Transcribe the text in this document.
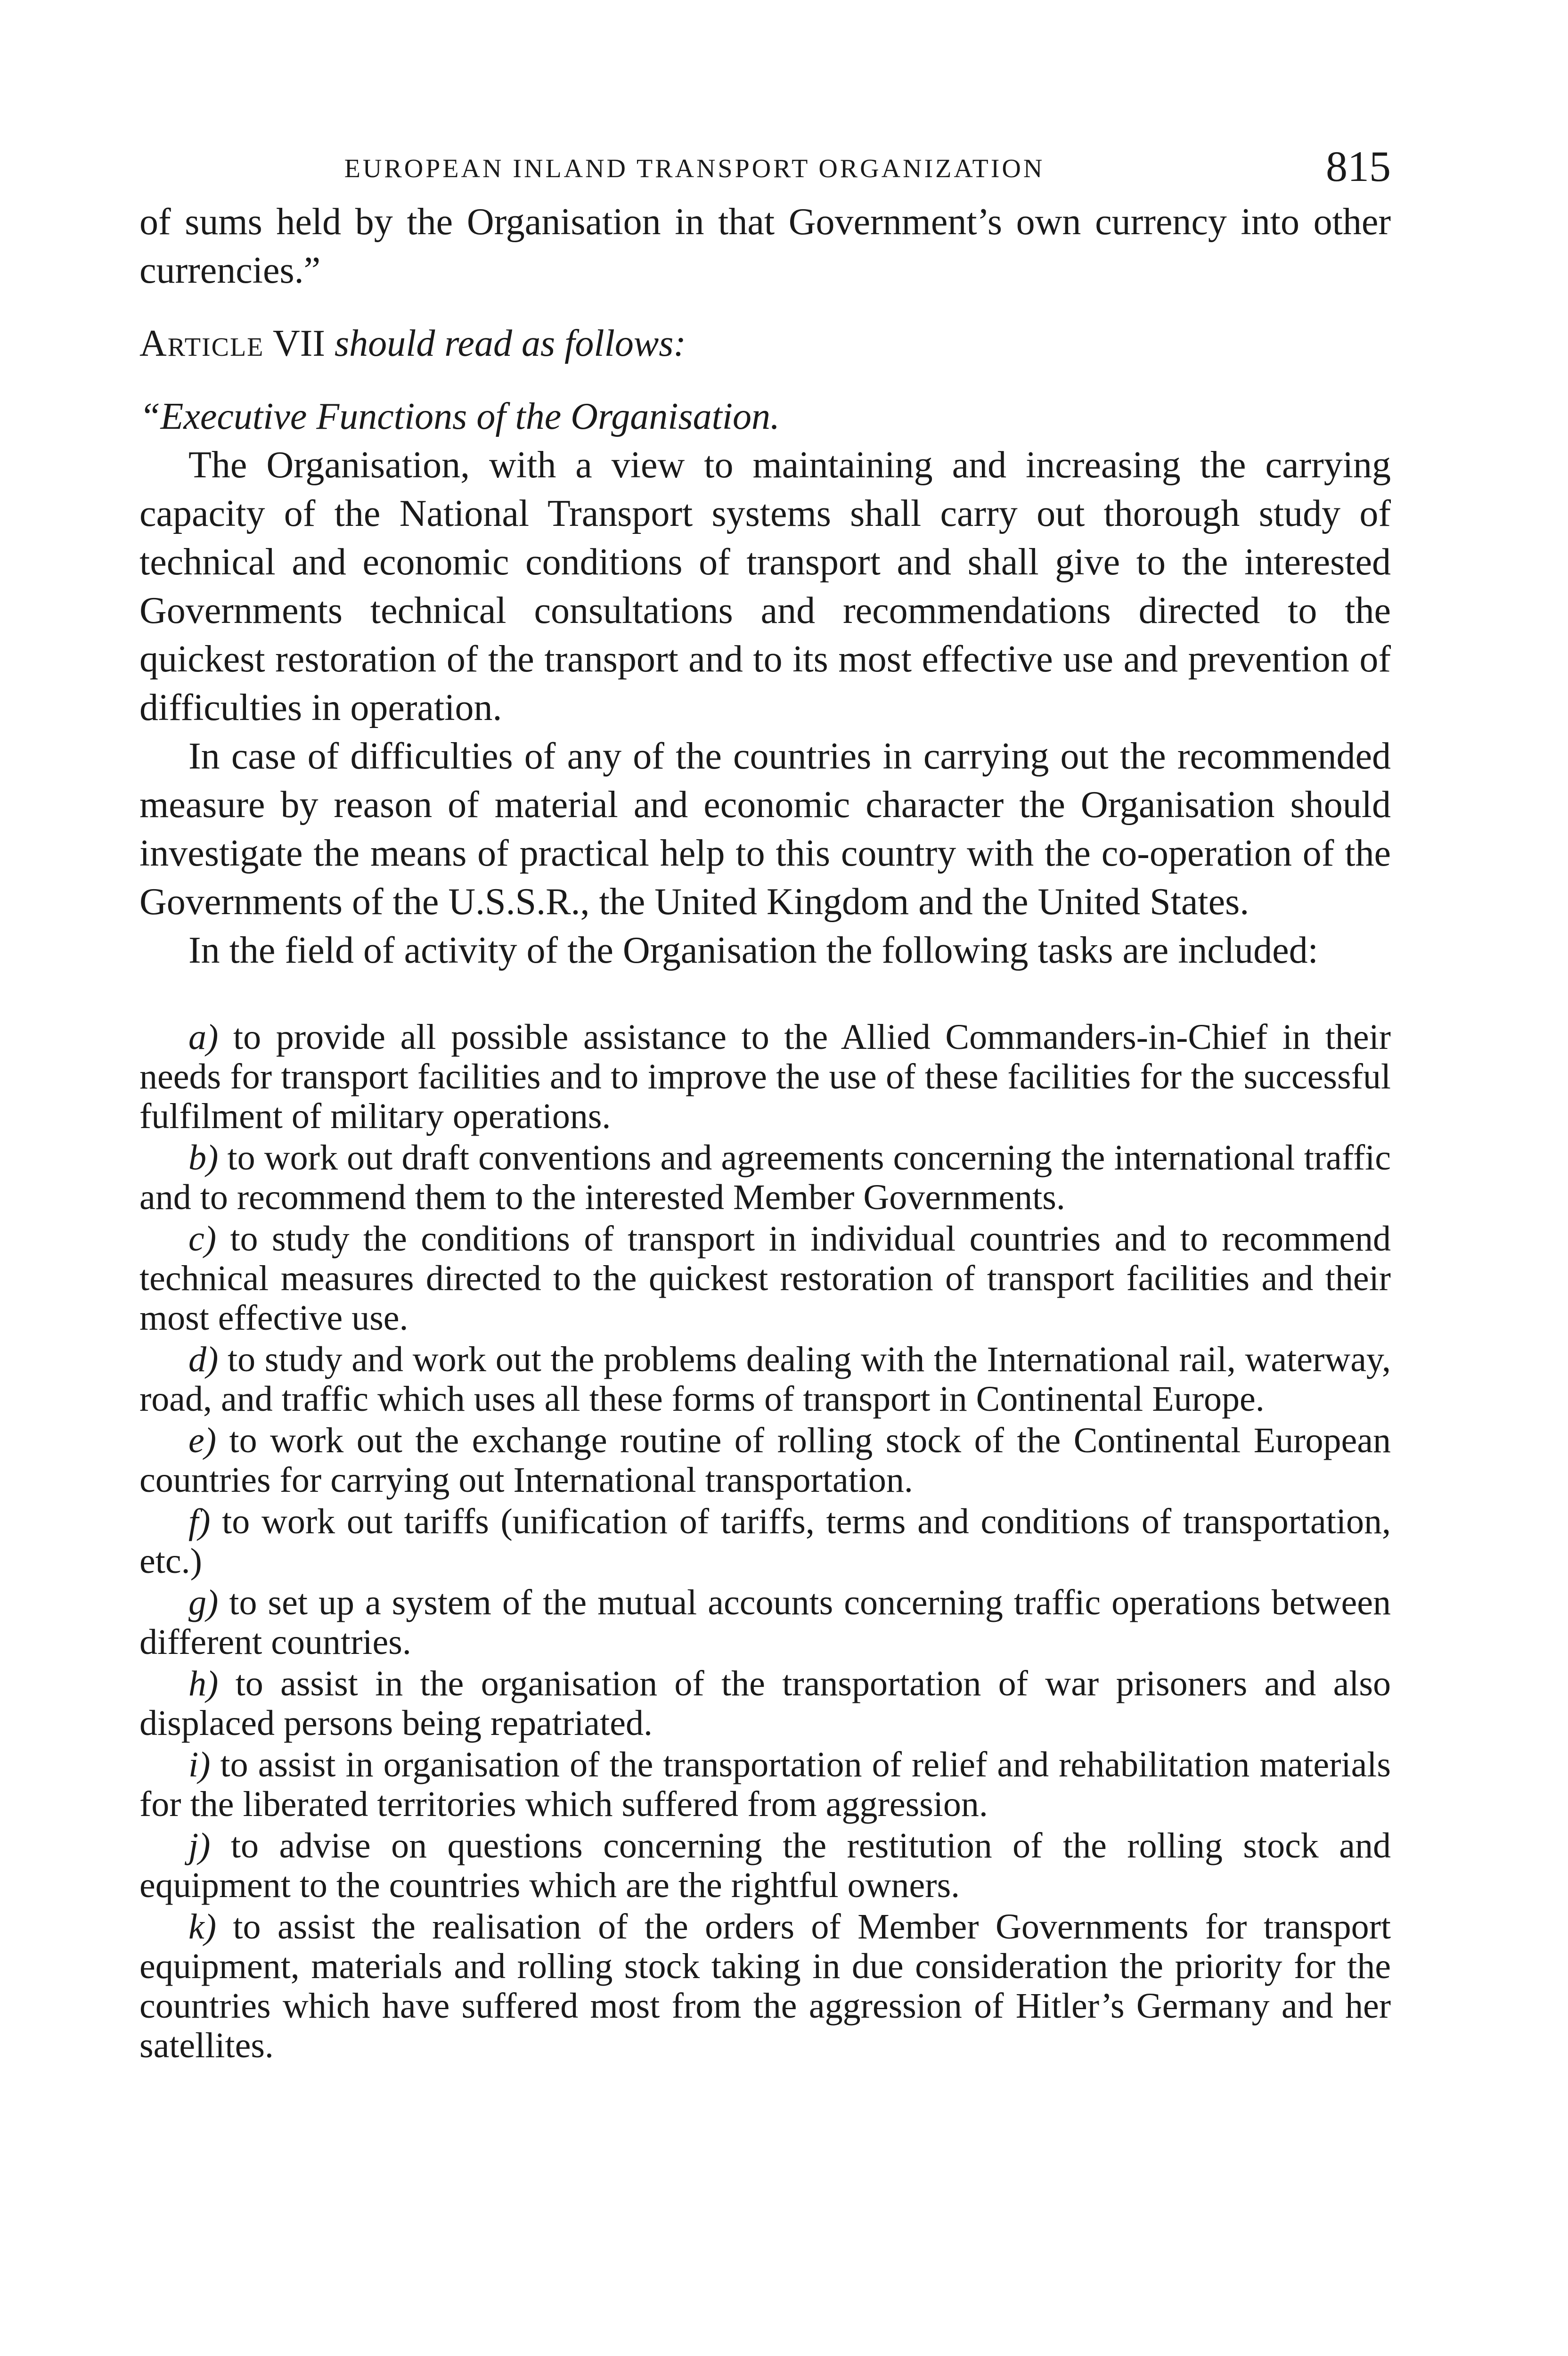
EUROPEAN INLAND TRANSPORT ORGANIZATION	815

of sums held by the Organisation in that Government’s own currency into other currencies.”

Article VII should read as follows:

“Executive Functions of the Organisation.

The Organisation, with a view to maintaining and increasing the carrying capacity of the National Transport systems shall carry out thorough study of technical and economic conditions of transport and shall give to the interested Governments technical consultations and recommendations directed to the quickest restoration of the transport and to its most effective use and prevention of difficulties in operation.

In case of difficulties of any of the countries in carrying out the recommended measure by reason of material and economic character the Organisation should investigate the means of practical help to this country with the co-operation of the Governments of the U.S.S.R., the United Kingdom and the United States.

In the field of activity of the Organisation the following tasks are included:

a) to provide all possible assistance to the Allied Commanders-in-Chief in their needs for transport facilities and to improve the use of these facilities for the successful fulfilment of military operations.

b) to work out draft conventions and agreements concerning the international traffic and to recommend them to the interested Member Governments.

c) to study the conditions of transport in individual countries and to recommend technical measures directed to the quickest restoration of transport facilities and their most effective use.

d) to study and work out the problems dealing with the International rail, waterway, road, and traffic which uses all these forms of transport in Continental Europe.

e) to work out the exchange routine of rolling stock of the Continental European countries for carrying out International transportation.

f) to work out tariffs (unification of tariffs, terms and conditions of transportation, etc.)

g) to set up a system of the mutual accounts concerning traffic operations between different countries.

h) to assist in the organisation of the transportation of war prisoners and also displaced persons being repatriated.

i) to assist in organisation of the transportation of relief and rehabilitation materials for the liberated territories which suffered from aggression.

j) to advise on questions concerning the restitution of the rolling stock and equipment to the countries which are the rightful owners.

k) to assist the realisation of the orders of Member Governments for transport equipment, materials and rolling stock taking in due consideration the priority for the countries which have suffered most from the aggression of Hitler’s Germany and her satellites.
